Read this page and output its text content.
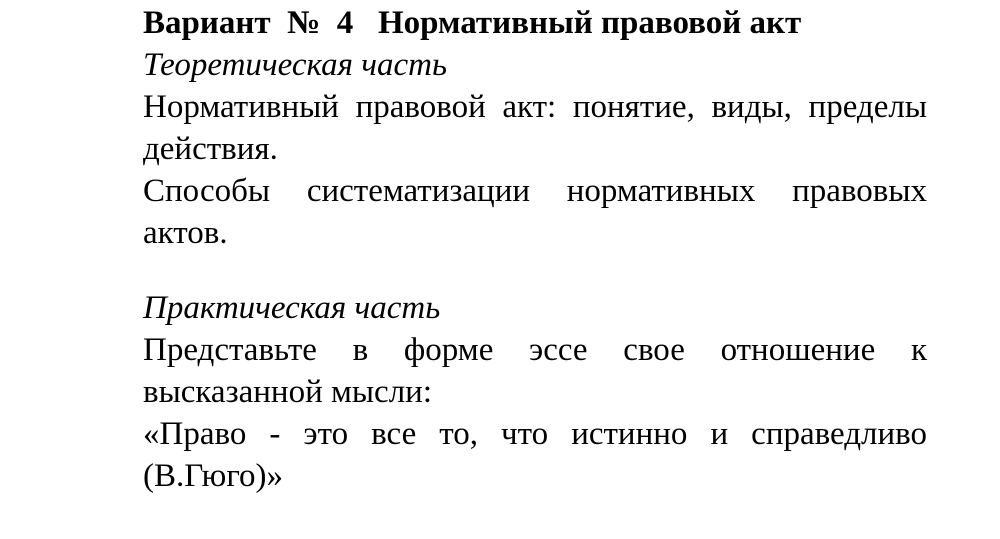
Вариант  №  4   Нормативный правовой акт
Теоретическая часть

Нормативный правовой акт: понятие, виды, пределы действия.

Способы систематизации нормативных правовых актов.

Практическая часть

Представьте в форме эссе свое отношение к высказанной мысли:

«Право - это все то, что истинно и справедливо (В.Гюго)»
